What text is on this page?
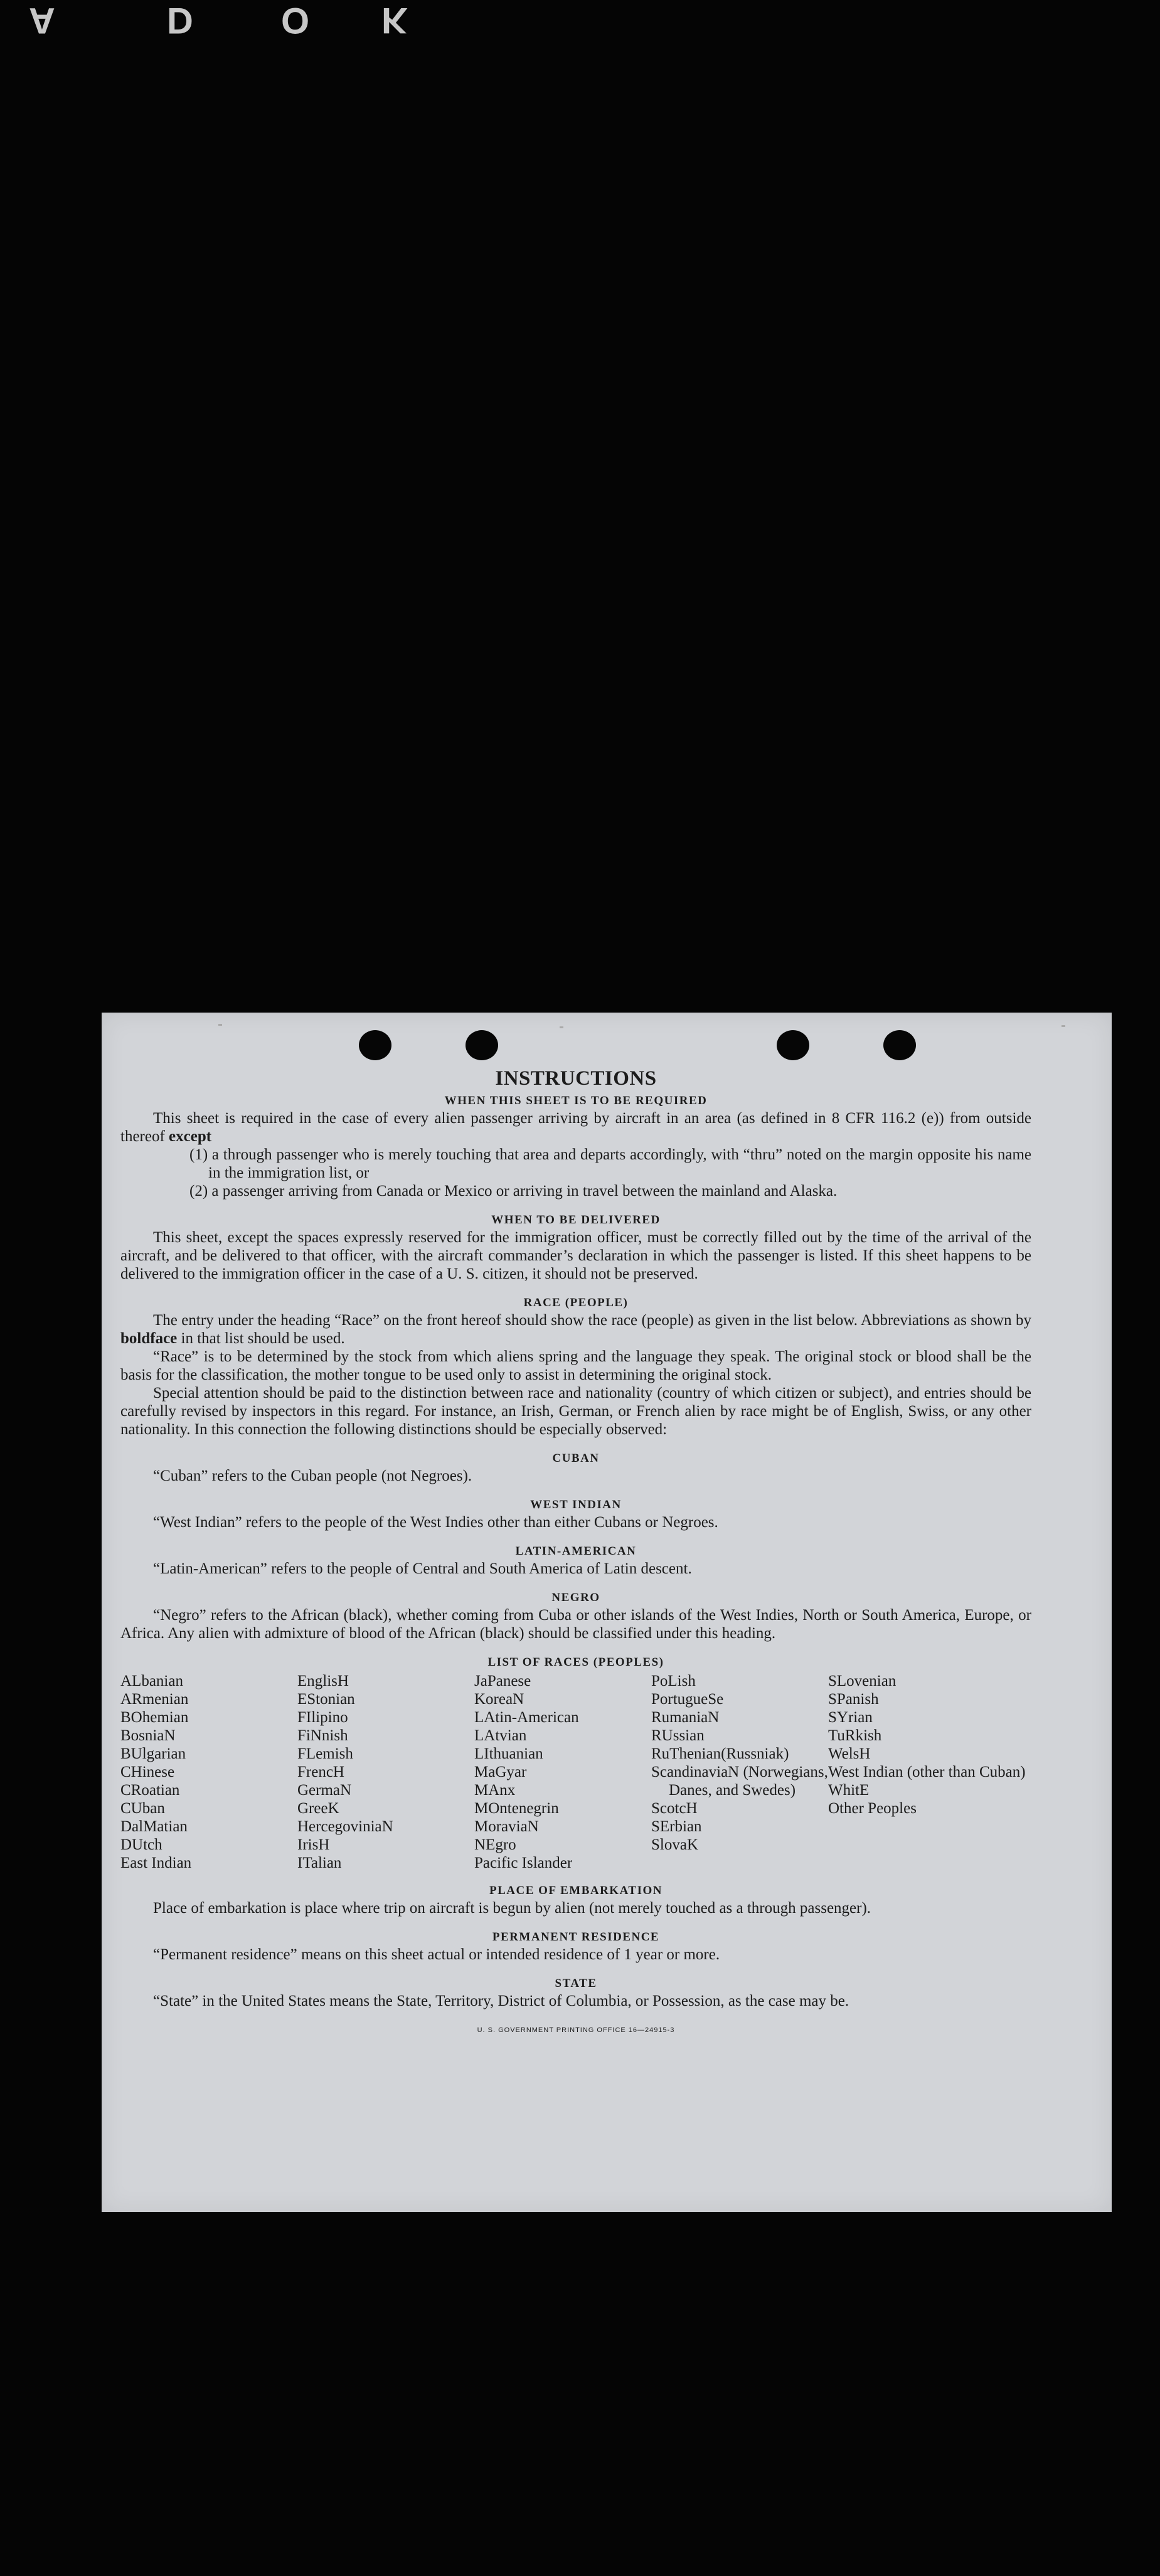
A	D O K
INSTRUCTIONS
WHEN THIS SHEET IS TO BE REQUIRED

This sheet is required in the case of every alien passenger arriving by aircraft in an area (as defined in 8 CFR 116.2 (e)) from outside thereof except

(1) a through passenger who is merely touching that area and departs accordingly, with “thru” noted on the margin opposite his name in the immigration list, or

(2) a passenger arriving from Canada or Mexico or arriving in travel between the mainland and Alaska.

WHEN TO BE DELIVERED

This sheet, except the spaces expressly reserved for the immigration officer, must be correctly filled out by the time of the arrival of the aircraft, and be delivered to that officer, with the aircraft commander’s declaration in which the passenger is listed. If this sheet happens to be delivered to the immigration officer in the case of a U. S. citizen, it should not be preserved.

RACE (PEOPLE)

The entry under the heading “Race” on the front hereof should show the race (people) as given in the list below. Abbreviations as shown by boldface in that list should be used.

“Race” is to be determined by the stock from which aliens spring and the language they speak. The original stock or blood shall be the basis for the classification, the mother tongue to be used only to assist in determining the original stock.

Special attention should be paid to the distinction between race and nationality (country of which citizen or subject), and entries should be carefully revised by inspectors in this regard. For instance, an Irish, German, or French alien by race might be of English, Swiss, or any other nationality. In this connection the following distinctions should be especially observed:

CUBAN

“Cuban” refers to the Cuban people (not Negroes).

WEST INDIAN

“West Indian” refers to the people of the West Indies other than either Cubans or Negroes.

LATIN-AMERICAN

“Latin-American” refers to the people of Central and South America of Latin descent.

NEGRO

“Negro” refers to the African (black), whether coming from Cuba or other islands of the West Indies, North or South America, Europe, or Africa. Any alien with admixture of blood of the African (black) should be classified under this heading.

LIST OF RACES (PEOPLES)
ALbanian
ARmenian
BOhemian
BosniaN
BUlgarian
CHinese
CRoatian
CUban
DalMatian
DUtch
East Indian
EnglisH
EStonian
FIlipino
FiNnish
FLemish
FrencH
GermaN
GreeK
HercegoviniaN
IrisH
ITalian
JaPanese
KoreaN
LAtin-American
LAtvian
LIthuanian
MaGyar
MAnx
MOntenegrin
MoraviaN
NEgro
Pacific Islander
PoLish
PortugueSe
RumaniaN
RUssian
RuThenian(Russniak)
ScandinaviaN (Norwegians, Danes, and Swedes)
ScotcH
SErbian
SlovaK
SLovenian
SPanish
SYrian
TuRkish
WelsH
West Indian (other than Cuban)
WhitE
Other Peoples
PLACE OF EMBARKATION

Place of embarkation is place where trip on aircraft is begun by alien (not merely touched as a through passenger).

PERMANENT RESIDENCE

“Permanent residence” means on this sheet actual or intended residence of 1 year or more.

STATE

“State” in the United States means the State, Territory, District of Columbia, or Possession, as the case may be.

U. S. GOVERNMENT PRINTING OFFICE 16—24915-3
